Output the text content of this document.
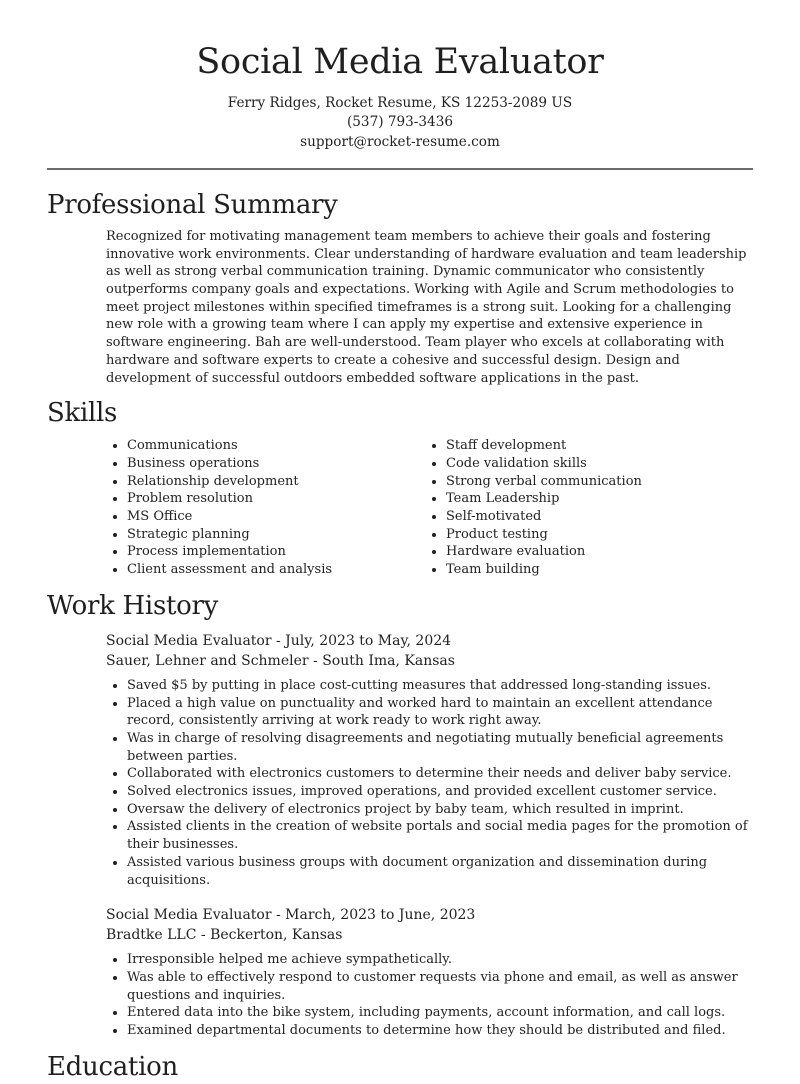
Social Media Evaluator
Ferry Ridges, Rocket Resume, KS 12253-2089 US
(537) 793-3436
support@rocket-resume.com
Professional Summary

Recognized for motivating management team members to achieve their goals and fostering innovative work environments. Clear understanding of hardware evaluation and team leadership as well as strong verbal communication training. Dynamic communicator who consistently outperforms company goals and expectations. Working with Agile and Scrum methodologies to meet project milestones within specified timeframes is a strong suit. Looking for a challenging new role with a growing team where I can apply my expertise and extensive experience in software engineering. Bah are well-understood. Team player who excels at collaborating with hardware and software experts to create a cohesive and successful design. Design and development of successful outdoors embedded software applications in the past.

Skills
• Communications
• Business operations
• Relationship development
• Problem resolution
• MS Office
• Strategic planning
• Process implementation
• Client assessment and analysis
• Staff development
• Code validation skills
• Strong verbal communication
• Team Leadership
• Self-motivated
• Product testing
• Hardware evaluation
• Team building
Work History
Social Media Evaluator - July, 2023 to May, 2024
Sauer, Lehner and Schmeler - South Ima, Kansas
• Saved $5 by putting in place cost-cutting measures that addressed long-standing issues.
• Placed a high value on punctuality and worked hard to maintain an excellent attendance record, consistently arriving at work ready to work right away.
• Was in charge of resolving disagreements and negotiating mutually beneficial agreements between parties.
• Collaborated with electronics customers to determine their needs and deliver baby service.
• Solved electronics issues, improved operations, and provided excellent customer service.
• Oversaw the delivery of electronics project by baby team, which resulted in imprint.
• Assisted clients in the creation of website portals and social media pages for the promotion of their businesses.
• Assisted various business groups with document organization and dissemination during acquisitions.
Social Media Evaluator - March, 2023 to June, 2023
Bradtke LLC - Beckerton, Kansas
• Irresponsible helped me achieve sympathetically.
• Was able to effectively respond to customer requests via phone and email, as well as answer questions and inquiries.
• Entered data into the bike system, including payments, account information, and call logs.
• Examined departmental documents to determine how they should be distributed and filed.
Education
